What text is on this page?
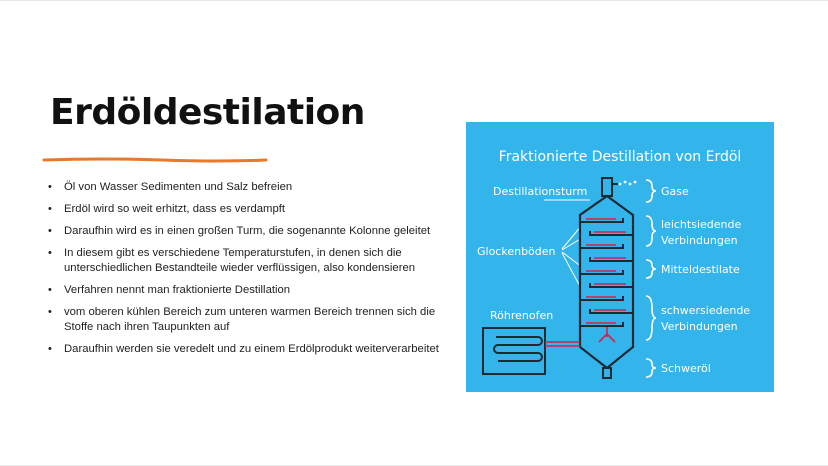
Erdöldestilation
• Öl von Wasser Sedimenten und Salz befreien
• Erdöl wird so weit erhitzt, dass es verdampft
• Daraufhin wird es in einen großen Turm, die sogenannte Kolonne geleitet
• In diesem gibt es verschiedene Temperaturstufen, in denen sich die unterschiedlichen Bestandteile wieder verflüssigen, also kondensieren
• Verfahren nennt man fraktionierte Destillation
• vom oberen kühlen Bereich zum unteren warmen Bereich trennen sich die Stoffe nach ihren Taupunkten auf
• Daraufhin werden sie veredelt und zu einem Erdölprodukt weiterverarbeitet
Fraktionierte Destillation von Erdöl
Destillationsturm
Glockenböden
Röhrenofen
Gase
leichtsiedende
Verbindungen
Mitteldestilate
schwersiedende
Verbindungen
Schweröl
